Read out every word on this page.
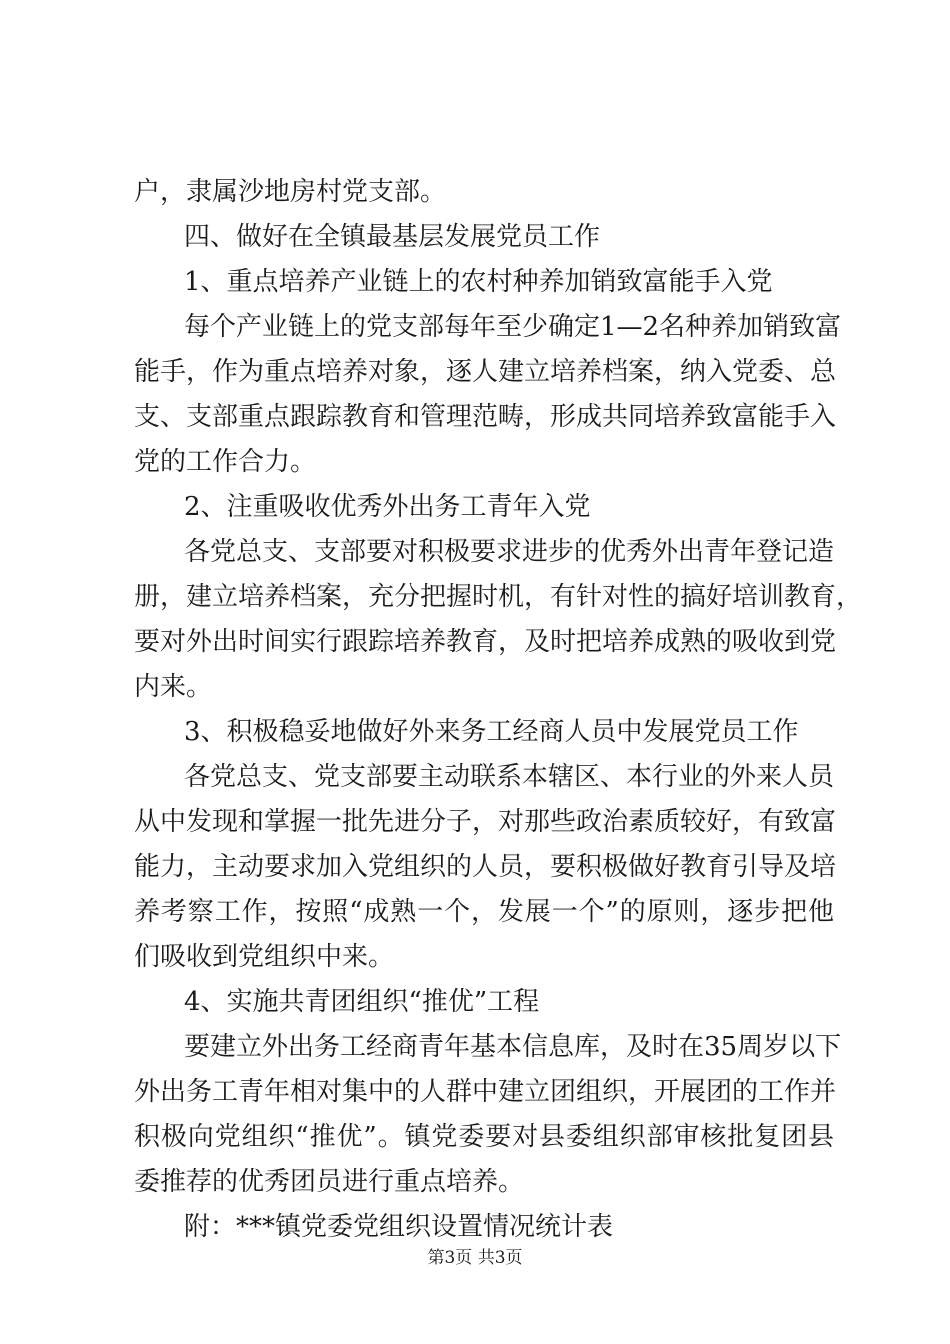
户，隶属沙地房村党支部。
四、做好在全镇最基层发展党员工作
1、重点培养产业链上的农村种养加销致富能手入党
每个产业链上的党支部每年至少确定1—2名种养加销致富
能手，作为重点培养对象，逐人建立培养档案，纳入党委、总
支、支部重点跟踪教育和管理范畴，形成共同培养致富能手入
党的工作合力。
2、注重吸收优秀外出务工青年入党
各党总支、支部要对积极要求进步的优秀外出青年登记造
册，建立培养档案，充分把握时机，有针对性的搞好培训教育，
要对外出时间实行跟踪培养教育，及时把培养成熟的吸收到党
内来。
3、积极稳妥地做好外来务工经商人员中发展党员工作
各党总支、党支部要主动联系本辖区、本行业的外来人员
从中发现和掌握一批先进分子，对那些政治素质较好，有致富
能力，主动要求加入党组织的人员，要积极做好教育引导及培
养考察工作，按照“成熟一个，发展一个”的原则，逐步把他
们吸收到党组织中来。
4、实施共青团组织“推优”工程
要建立外出务工经商青年基本信息库，及时在35周岁以下
外出务工青年相对集中的人群中建立团组织，开展团的工作并
积极向党组织“推优”。镇党委要对县委组织部审核批复团县
委推荐的优秀团员进行重点培养。
附：***镇党委党组织设置情况统计表
第3页 共3页
